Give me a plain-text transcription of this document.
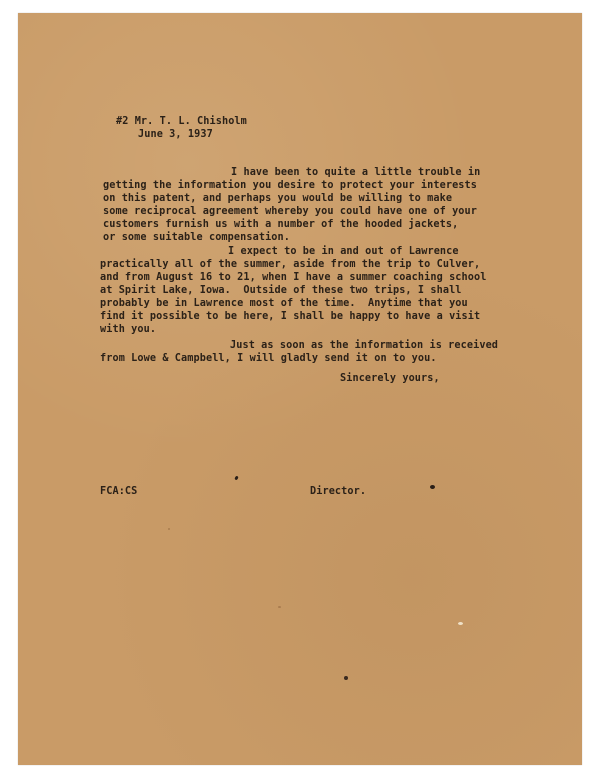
#2 Mr. T. L. Chisholm
June 3, 1937
I have been to quite a little trouble in
getting the information you desire to protect your interests
on this patent, and perhaps you would be willing to make
some reciprocal agreement whereby you could have one of your
customers furnish us with a number of the hooded jackets,
or some suitable compensation.
I expect to be in and out of Lawrence
practically all of the summer, aside from the trip to Culver,
and from August 16 to 21, when I have a summer coaching school
at Spirit Lake, Iowa.  Outside of these two trips, I shall
probably be in Lawrence most of the time.  Anytime that you
find it possible to be here, I shall be happy to have a visit
with you.
Just as soon as the information is received
from Lowe & Campbell, I will gladly send it on to you.
Sincerely yours,
FCA:CS	Director.
